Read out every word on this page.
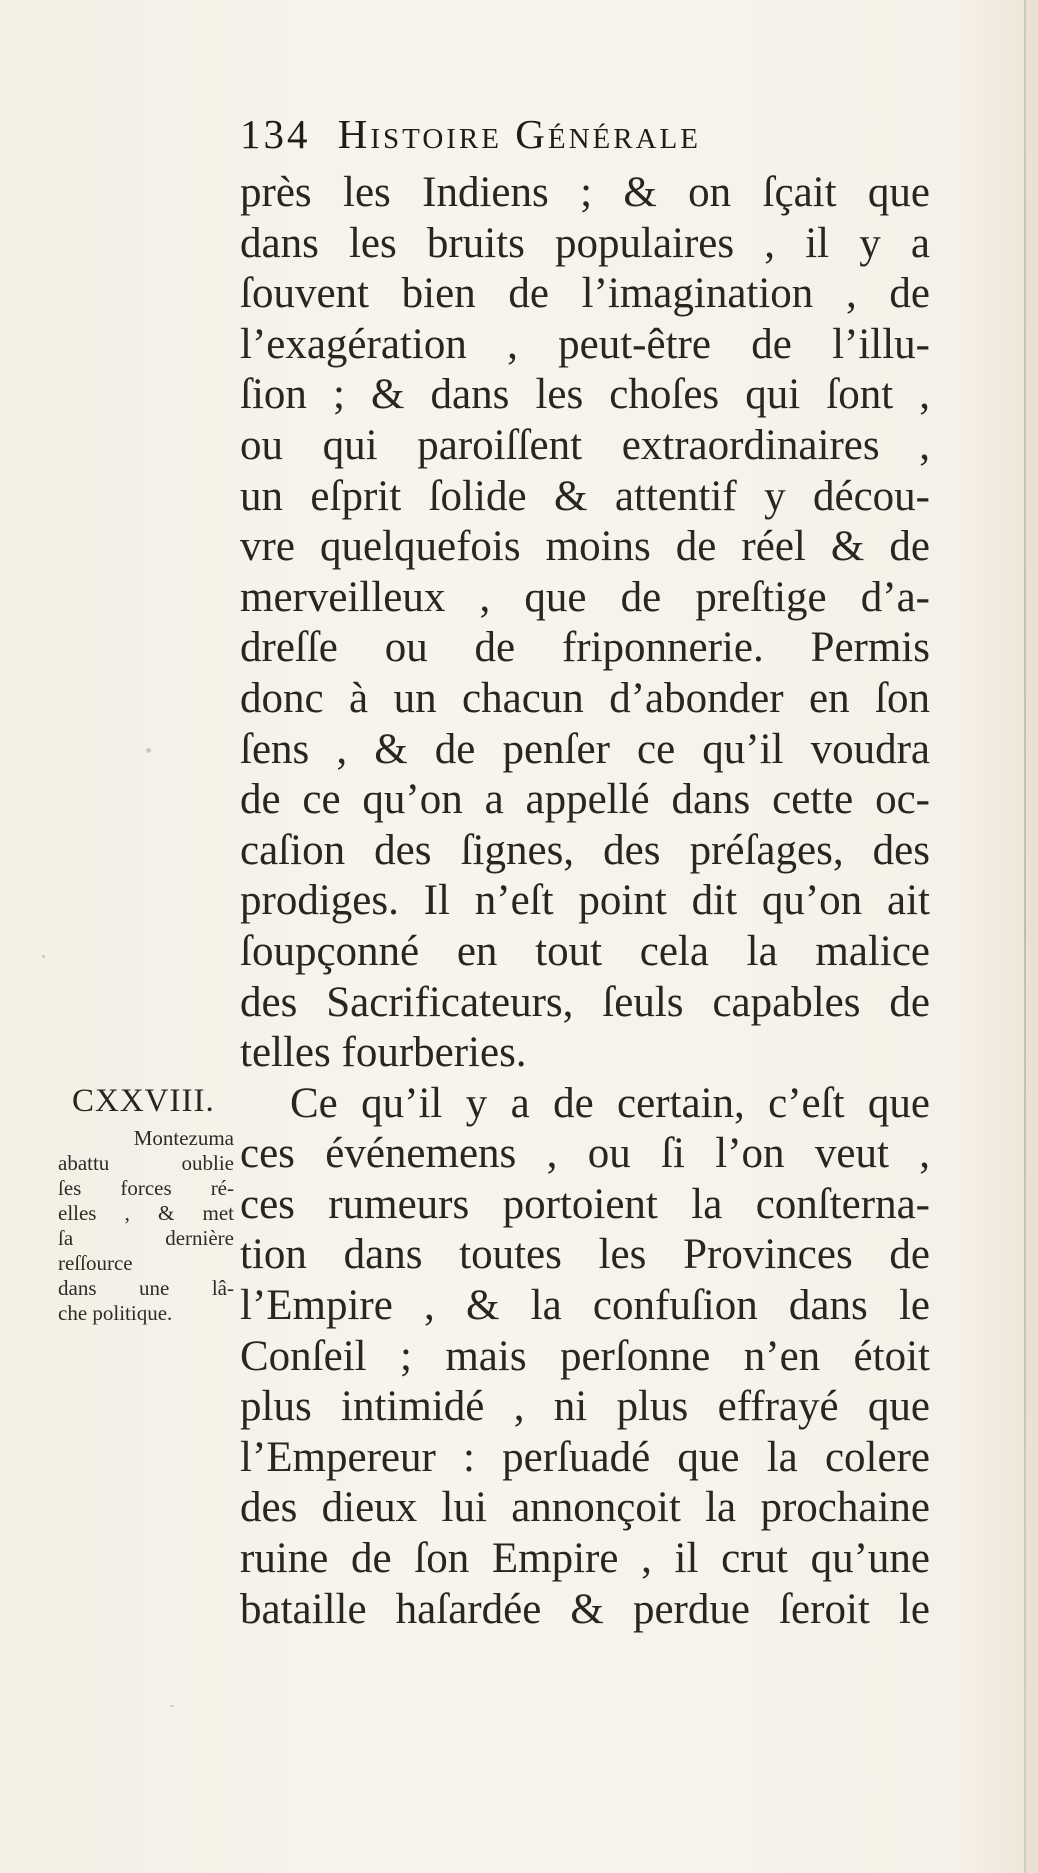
134 Histoire Générale
près les Indiens ; & on ſçait que
dans les bruits populaires , il y a
ſouvent bien de l’imagination , de
l’exagération , peut-être de l’illu-
ſion ; & dans les choſes qui ſont ,
ou qui paroiſſent extraordinaires ,
un eſprit ſolide & attentif y décou-
vre quelquefois moins de réel & de
merveilleux , que de preſtige d’a-
dreſſe ou de friponnerie. Permis
donc à un chacun d’abonder en ſon
ſens , & de penſer ce qu’il voudra
de ce qu’on a appellé dans cette oc-
caſion des ſignes, des préſages, des
prodiges. Il n’eſt point dit qu’on ait
ſoupçonné en tout cela la malice
des Sacrificateurs, ſeuls capables de
telles fourberies.
Ce qu’il y a de certain, c’eſt que
ces événemens , ou ſi l’on veut ,
ces rumeurs portoient la conſterna-
tion dans toutes les Provinces de
l’Empire , & la confuſion dans le
Conſeil ; mais perſonne n’en étoit
plus intimidé , ni plus effrayé que
l’Empereur : perſuadé que la colere
des dieux lui annonçoit la prochaine
ruine de ſon Empire , il crut qu’une
bataille haſardée & perdue ſeroit le
CXXVIII.
Montezuma
abattu oublie
ſes forces ré-
elles , & met
ſa dernière
reſſource
dans une lâ-
che politique.
